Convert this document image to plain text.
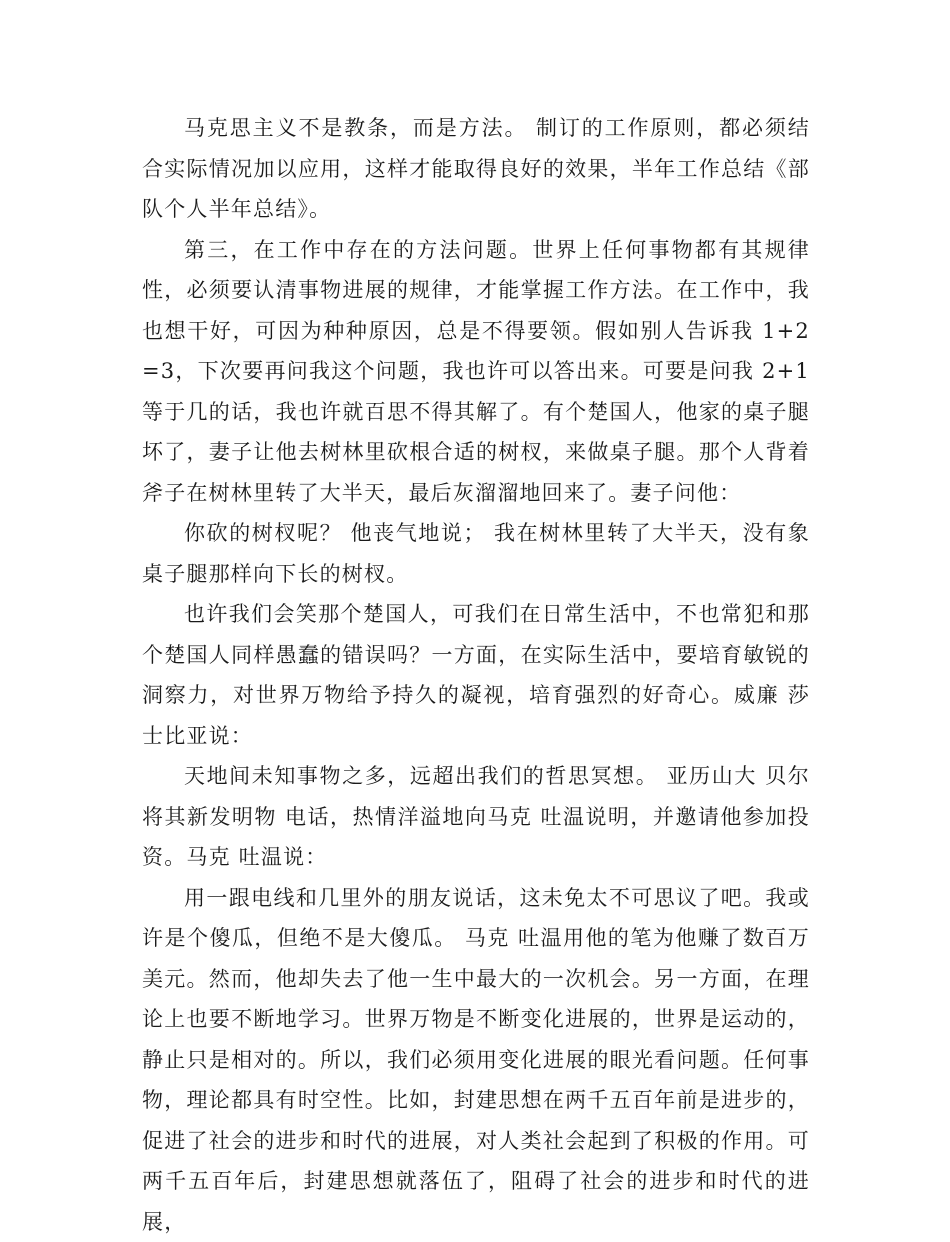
马克思主义不是教条，而是方法。 制订的工作原则，都必须结合实际情况加以应用，这样才能取得良好的效果，半年工作总结《部队个人半年总结》。

第三，在工作中存在的方法问题。世界上任何事物都有其规律性，必须要认清事物进展的规律，才能掌握工作方法。在工作中，我也想干好，可因为种种原因，总是不得要领。假如别人告诉我 1+2=3，下次要再问我这个问题，我也许可以答出来。可要是问我 2+1 等于几的话，我也许就百思不得其解了。有个楚国人，他家的桌子腿坏了，妻子让他去树林里砍根合适的树杈，来做桌子腿。那个人背着斧子在树林里转了大半天，最后灰溜溜地回来了。妻子问他：

你砍的树杈呢？ 他丧气地说； 我在树林里转了大半天，没有象桌子腿那样向下长的树杈。

也许我们会笑那个楚国人，可我们在日常生活中，不也常犯和那个楚国人同样愚蠢的错误吗？一方面，在实际生活中，要培育敏锐的洞察力，对世界万物给予持久的凝视，培育强烈的好奇心。威廉 莎士比亚说：

天地间未知事物之多，远超出我们的哲思冥想。 亚历山大 贝尔将其新发明物 电话，热情洋溢地向马克 吐温说明，并邀请他参加投资。马克 吐温说：

用一跟电线和几里外的朋友说话，这未免太不可思议了吧。我或许是个傻瓜，但绝不是大傻瓜。 马克 吐温用他的笔为他赚了数百万美元。然而，他却失去了他一生中最大的一次机会。另一方面，在理论上也要不断地学习。世界万物是不断变化进展的，世界是运动的，静止只是相对的。所以，我们必须用变化进展的眼光看问题。任何事物，理论都具有时空性。比如，封建思想在两千五百年前是进步的，促进了社会的进步和时代的进展，对人类社会起到了积极的作用。可两千五百年后，封建思想就落伍了，阻碍了社会的进步和时代的进展，
